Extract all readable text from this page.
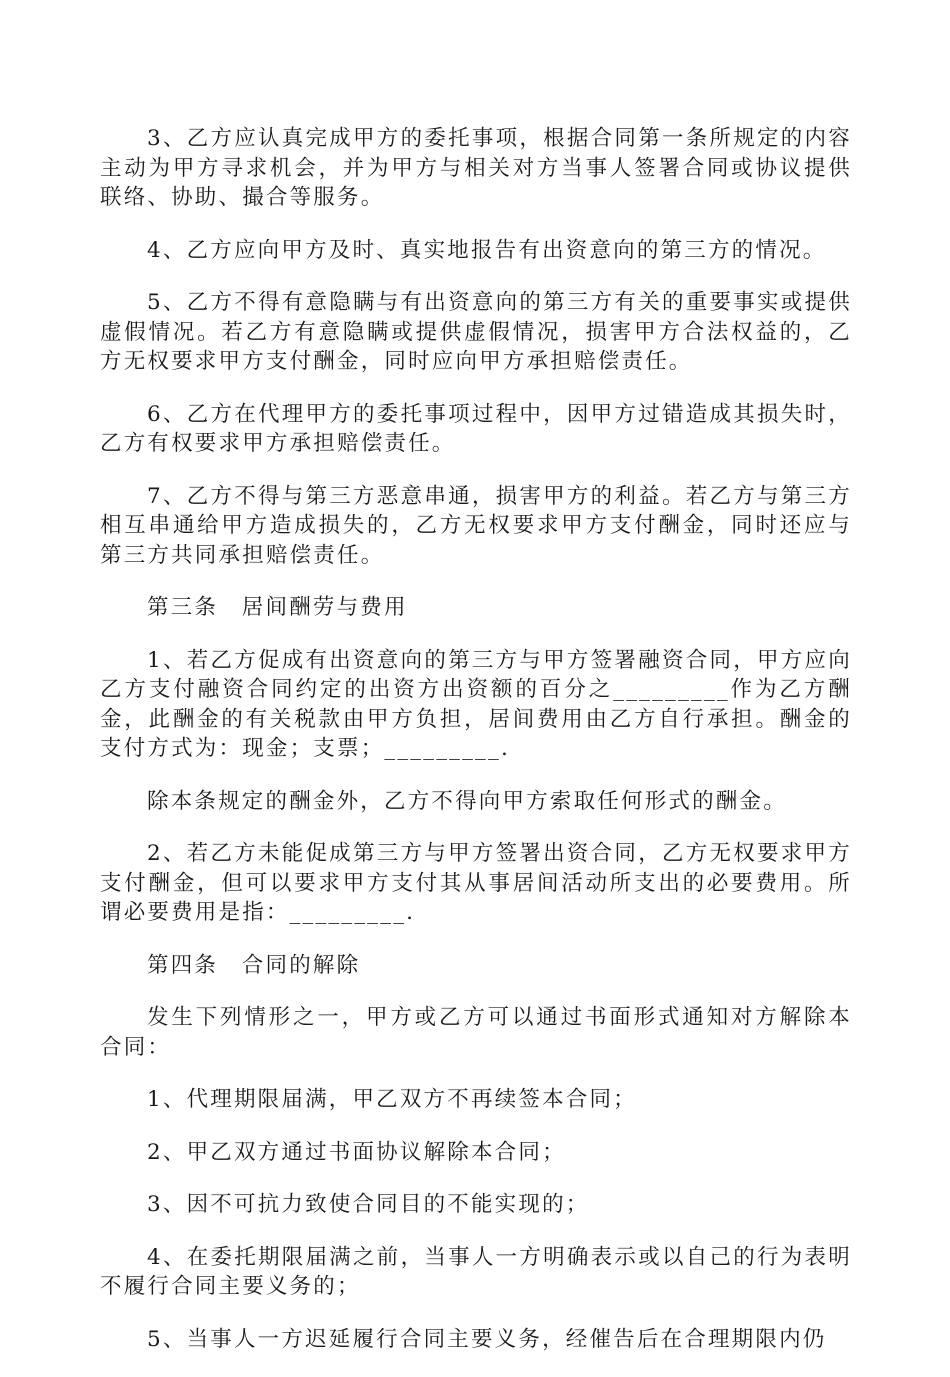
3、乙方应认真完成甲方的委托事项，根据合同第一条所规定的内容主动为甲方寻求机会，并为甲方与相关对方当事人签署合同或协议提供联络、协助、撮合等服务。

4、乙方应向甲方及时、真实地报告有出资意向的第三方的情况。

5、乙方不得有意隐瞒与有出资意向的第三方有关的重要事实或提供虚假情况。若乙方有意隐瞒或提供虚假情况，损害甲方合法权益的，乙方无权要求甲方支付酬金，同时应向甲方承担赔偿责任。

6、乙方在代理甲方的委托事项过程中，因甲方过错造成其损失时，乙方有权要求甲方承担赔偿责任。

7、乙方不得与第三方恶意串通，损害甲方的利益。若乙方与第三方相互串通给甲方造成损失的，乙方无权要求甲方支付酬金，同时还应与第三方共同承担赔偿责任。

第三条　居间酬劳与费用

1、若乙方促成有出资意向的第三方与甲方签署融资合同，甲方应向乙方支付融资合同约定的出资方出资额的百分之_________作为乙方酬金，此酬金的有关税款由甲方负担，居间费用由乙方自行承担。酬金的支付方式为：现金；支票；_________.

除本条规定的酬金外，乙方不得向甲方索取任何形式的酬金。

2、若乙方未能促成第三方与甲方签署出资合同，乙方无权要求甲方支付酬金，但可以要求甲方支付其从事居间活动所支出的必要费用。所谓必要费用是指：_________.

第四条　合同的解除

发生下列情形之一，甲方或乙方可以通过书面形式通知对方解除本合同：

1、代理期限届满，甲乙双方不再续签本合同；

2、甲乙双方通过书面协议解除本合同；

3、因不可抗力致使合同目的不能实现的；

4、在委托期限届满之前，当事人一方明确表示或以自己的行为表明不履行合同主要义务的；

5、当事人一方迟延履行合同主要义务，经催告后在合理期限内仍
